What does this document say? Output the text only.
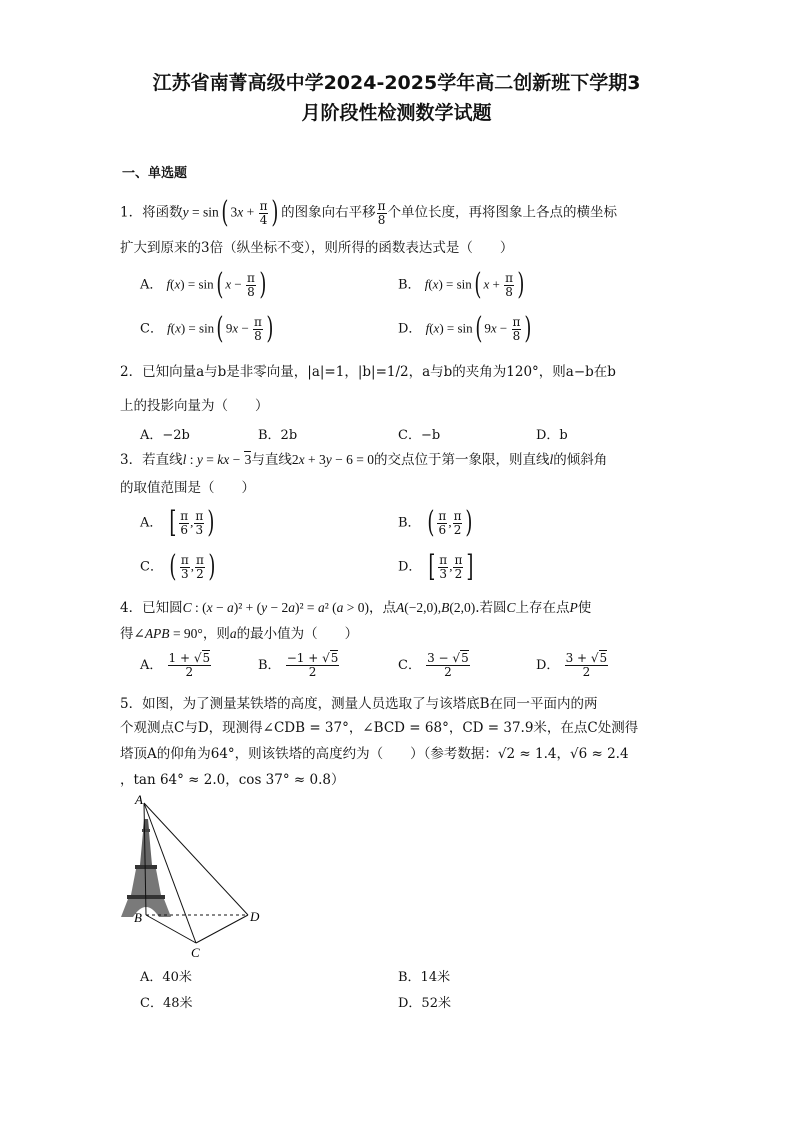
江苏省南菁高级中学2024-2025学年高二创新班下学期3
月阶段性检测数学试题
一、单选题
1．将函数y = sin( $3x + \frac{\pi}{4}$ ) 的图象向右平移 $\frac{\pi}{8}$ 个单位长度，再将图象上各点的横坐标
扩大到原来的3倍（纵坐标不变），则所得的函数表达式是（　　）
A． f(x) = sin( $x - \frac{\pi}{8}$ )	B． f(x) = sin( $x + \frac{\pi}{8}$ )
C． f(x) = sin( $9x - \frac{\pi}{8}$ )	D． f(x) = sin( $9x - \frac{\pi}{8}$ )
2．已知向量a与b是非零向量，|a|=1，|b|=1/2，a与b的夹角为120°，则a−b在b
上的投影向量为（　　）
A．−2b	B．2b	C．−b	D．b
3．若直线l : y = kx − 3与直线2x + 3y − 6 = 0的交点位于第一象限，则直线l的倾斜角
的取值范围是（　　）
A． [ $\frac{\pi}{6}$ , $\frac{\pi}{3}$ )	B． ( $\frac{\pi}{6}$ , $\frac{\pi}{2}$ )
C． ( $\frac{\pi}{3}$ , $\frac{\pi}{2}$ )	D． [ $\frac{\pi}{3}$ , $\frac{\pi}{2}$ ]
4．已知圆C : (x − a)² + (y − 2a)² = a² (a > 0)，点A(−2,0),B(2,0).若圆C上存在点P使
得∠APB = 90°，则a的最小值为（　　）
A． $\frac{1 + √5}{2}$	B． $\frac{-1 + √5}{2}$	C． $\frac{3 - √5}{2}$	D． $\frac{3 + √5}{2}$
5．如图，为了测量某铁塔的高度，测量人员选取了与该塔底B在同一平面内的两
个观测点C与D，现测得∠CDB = 37°，∠BCD = 68°，CD = 37.9米，在点C处测得
塔顶A的仰角为64°，则该铁塔的高度约为（　　）（参考数据：√2 ≈ 1.4，√6 ≈ 2.4
，tan 64° ≈ 2.0，cos 37° ≈ 0.8）
A
B
C
D
A．40米	B．14米
C．48米	D．52米
